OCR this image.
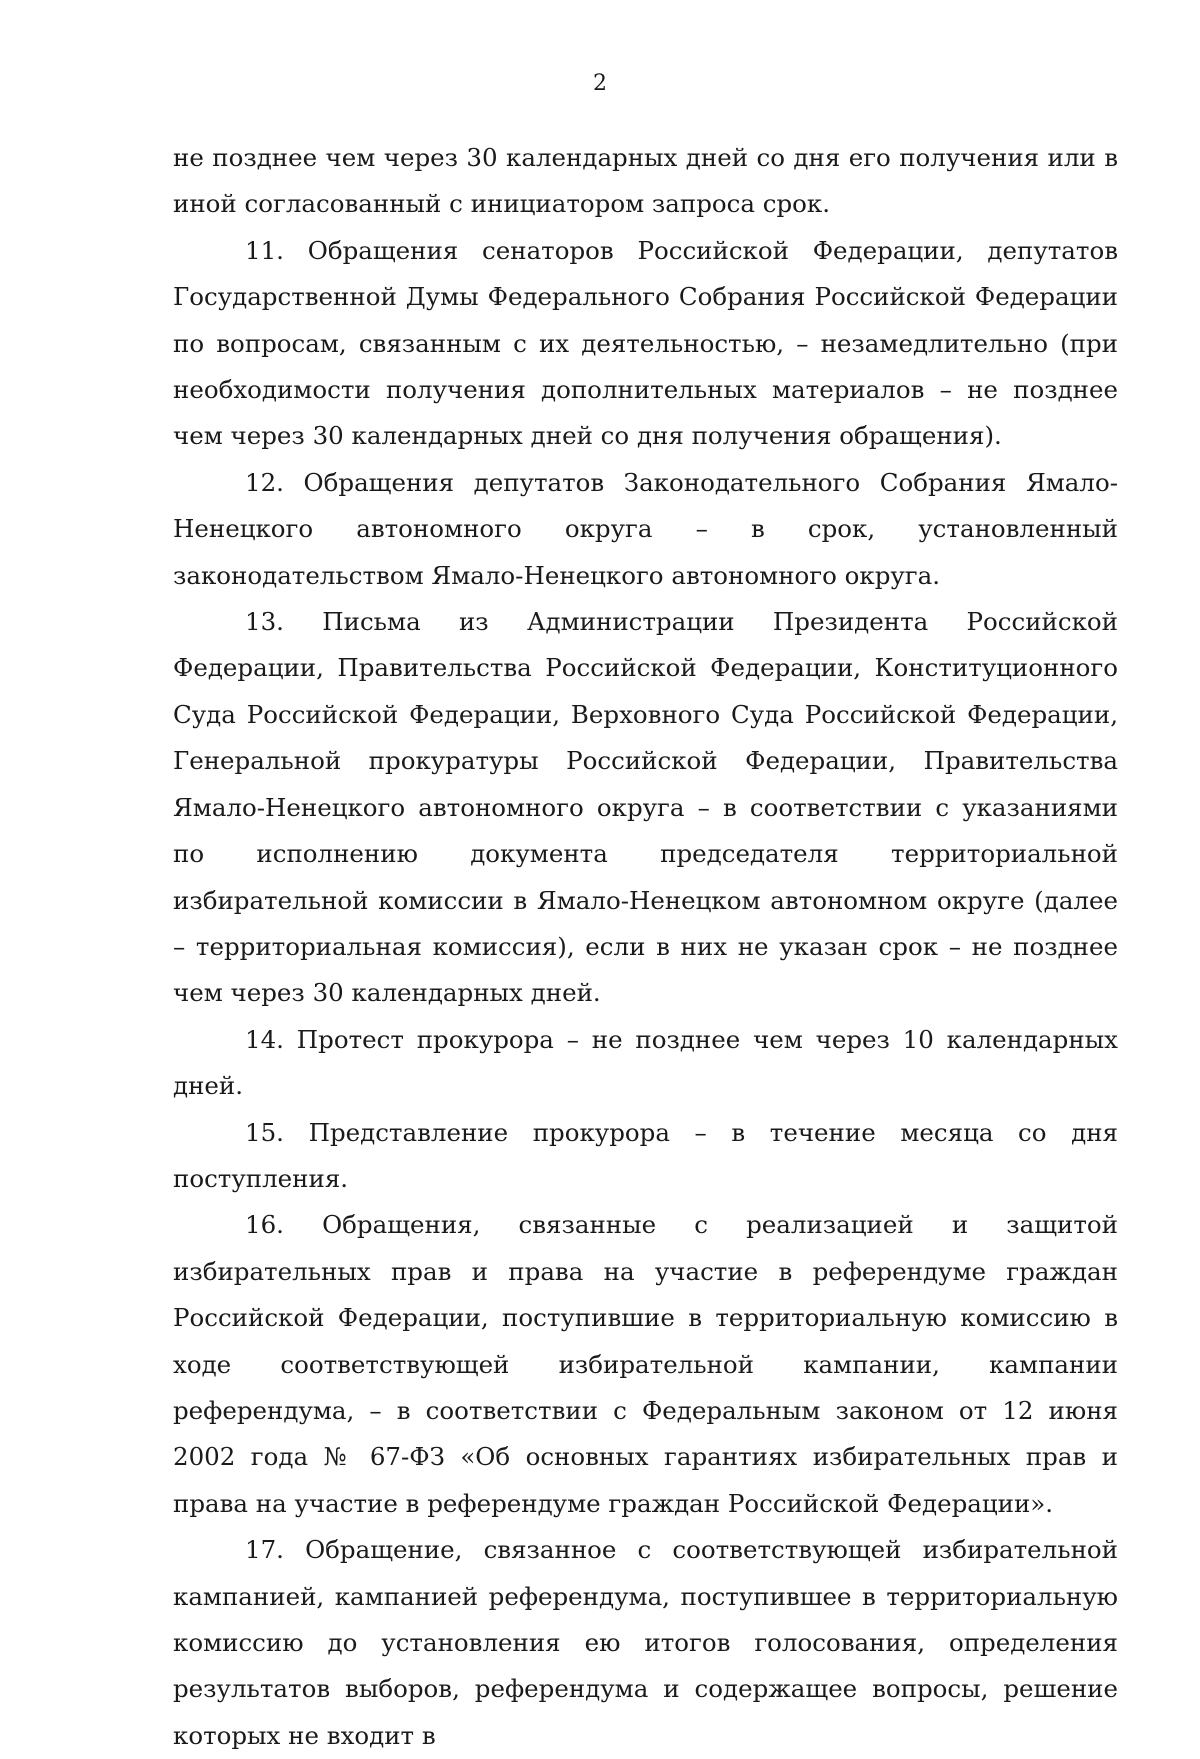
2

не позднее чем через 30 календарных дней со дня его получения или в иной согласованный с инициатором запроса срок.

11. Обращения сенаторов Российской Федерации, депутатов Государственной Думы Федерального Собрания Российской Федерации по вопросам, связанным с их деятельностью, – незамедлительно (при необходимости получения дополнительных материалов – не позднее чем через 30 календарных дней со дня получения обращения).

12. Обращения депутатов Законодательного Собрания Ямало-Ненецкого автономного округа – в срок, установленный законодательством Ямало-Ненецкого автономного округа.

13. Письма из Администрации Президента Российской Федерации, Правительства Российской Федерации, Конституционного Суда Российской Федерации, Верховного Суда Российской Федерации, Генеральной прокуратуры Российской Федерации, Правительства Ямало-Ненецкого автономного округа – в соответствии с указаниями по исполнению документа председателя территориальной избирательной комиссии в Ямало-Ненецком автономном округе (далее – территориальная комиссия), если в них не указан срок – не позднее чем через 30 календарных дней.

14. Протест прокурора – не позднее чем через 10 календарных дней.

15. Представление прокурора – в течение месяца со дня поступления.

16. Обращения, связанные с реализацией и защитой избирательных прав и права на участие в референдуме граждан Российской Федерации, поступившие в территориальную комиссию в ходе соответствующей избирательной кампании, кампании референдума, – в соответствии с Федеральным законом от 12 июня 2002 года № 67-ФЗ «Об основных гарантиях избирательных прав и права на участие в референдуме граждан Российской Федерации».

17. Обращение, связанное с соответствующей избирательной кампанией, кампанией референдума, поступившее в территориальную комиссию до установления ею итогов голосования, определения результатов выборов, референдума и содержащее вопросы, решение которых не входит в
